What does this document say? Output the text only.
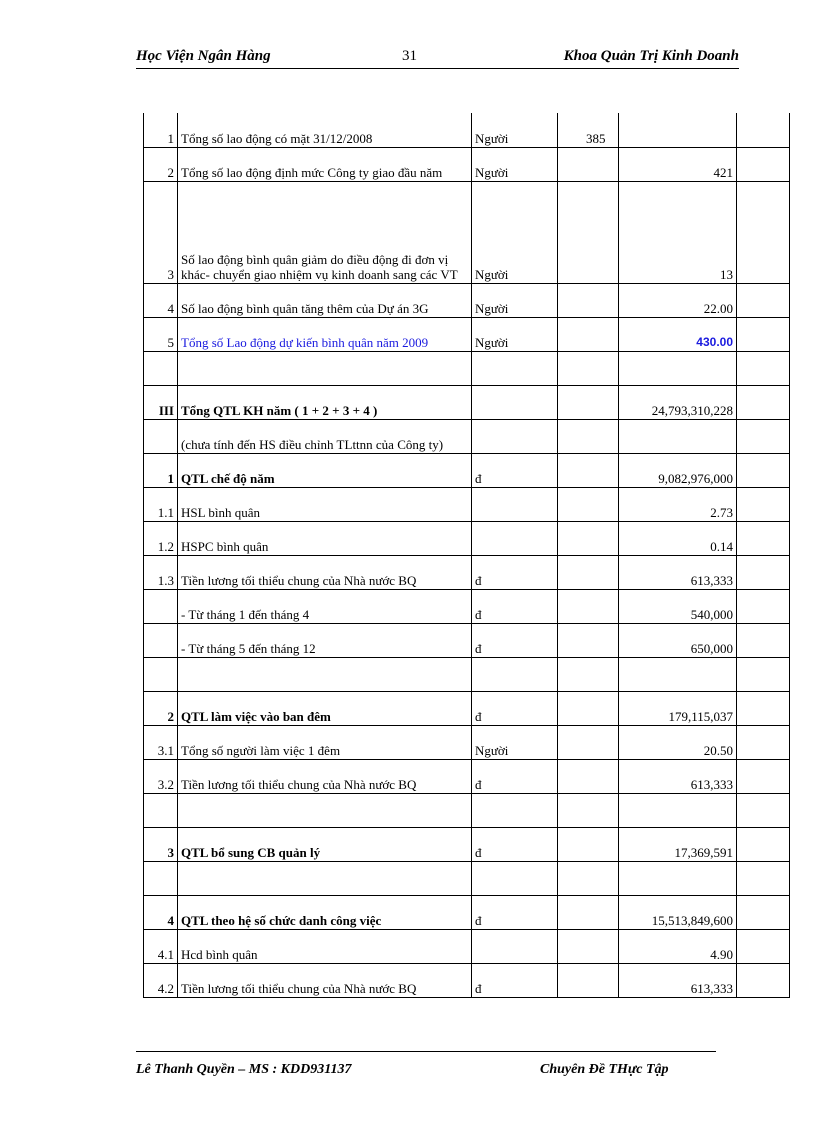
Học Viện Ngân Hàng	31	Khoa Quản Trị Kinh Doanh
1	Tổng số lao động có mặt 31/12/2008	Người	385		
2	Tổng số lao động định mức Công ty giao đầu năm	Người		421	
3	Số lao động bình quân giảm do điều động đi đơn vị khác- chuyển giao nhiệm vụ kinh doanh sang các VT	Người		13	
4	Số lao động bình quân tăng thêm của Dự án 3G	Người		22.00	
5	Tổng số Lao động dự kiến bình quân năm 2009	Người		430.00	

III	Tổng QTL KH năm ( 1 + 2 + 3 + 4 )			24,793,310,228	
	(chưa tính đến HS điều chỉnh TLttnn của Công ty)				
1	QTL chế độ năm	đ		9,082,976,000	
1.1	HSL bình quân			2.73	
1.2	HSPC bình quân			0.14	
1.3	Tiền lương tối thiểu chung của Nhà nước BQ	đ		613,333	
	- Từ tháng 1 đến tháng 4	đ		540,000	
	- Từ tháng 5 đến tháng 12	đ		650,000	

2	QTL làm việc vào ban đêm	đ		179,115,037	
3.1	Tổng số người làm việc 1 đêm	Người		20.50	
3.2	Tiền lương tối thiểu chung của Nhà nước BQ	đ		613,333	

3	QTL bổ sung CB quản lý	đ		17,369,591	

4	QTL theo hệ số chức danh công việc	đ		15,513,849,600	
4.1	Hcd bình quân			4.90	
4.2	Tiền lương tối thiểu chung của Nhà nước BQ	đ		613,333	
Lê Thanh Quyền – MS : KDD931137	Chuyên Đề THực Tập
